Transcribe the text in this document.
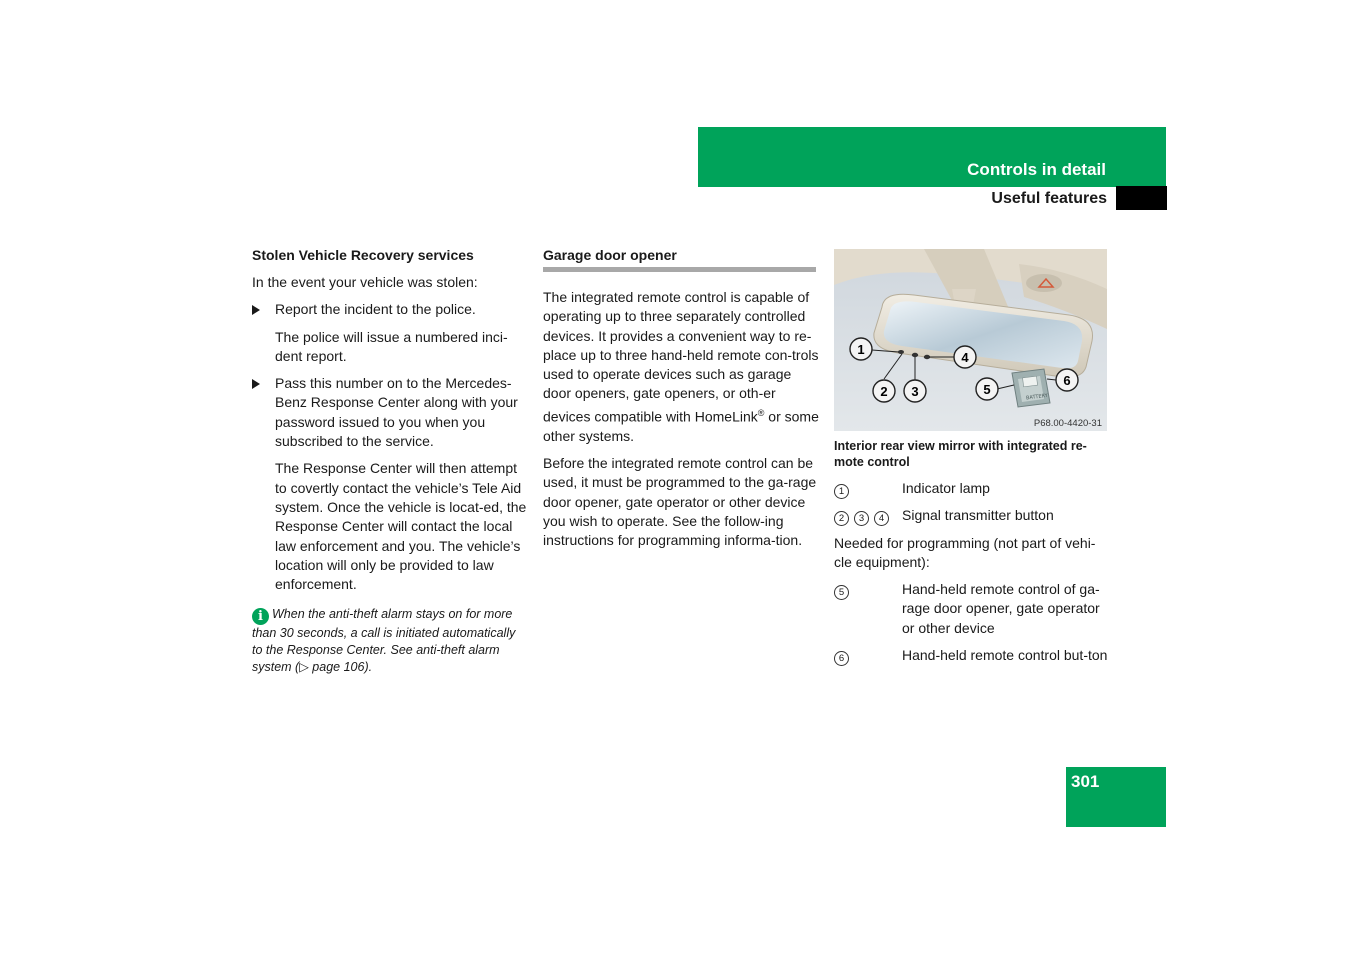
Controls in detail
Useful features
Stolen Vehicle Recovery services

In the event your vehicle was stolen:

Report the incident to the police.
The police will issue a numbered inci-dent report.
Pass this number on to the Mercedes-Benz Response Center along with your password issued to you when you subscribed to the service.
The Response Center will then attempt to covertly contact the vehicle’s Tele Aid system. Once the vehicle is locat-ed, the Response Center will contact the local law enforcement and you. The vehicle’s location will only be provided to law enforcement.
i When the anti-theft alarm stays on for more than 30 seconds, a call is initiated automatically to the Response Center. See anti-theft alarm system (▷ page 106).
Garage door opener

The integrated remote control is capable of operating up to three separately controlled devices. It provides a convenient way to re-place up to three hand-held remote con-trols used to operate devices such as garage door openers, gate openers, or oth-er devices compatible with HomeLink® or some other systems.

Before the integrated remote control can be used, it must be programmed to the ga-rage door opener, gate operator or other device you wish to operate. See the follow-ing instructions for programming informa-tion.

BATTERY
1
2 3
4
5
6
P68.00-4420-31
Interior rear view mirror with integrated re-mote control
1	Indicator lamp
2 3 4	Signal transmitter button

Needed for programming (not part of vehi-cle equipment):

5	Hand-held remote control of ga-rage door opener, gate operator or other device
6	Hand-held remote control but-ton
301
